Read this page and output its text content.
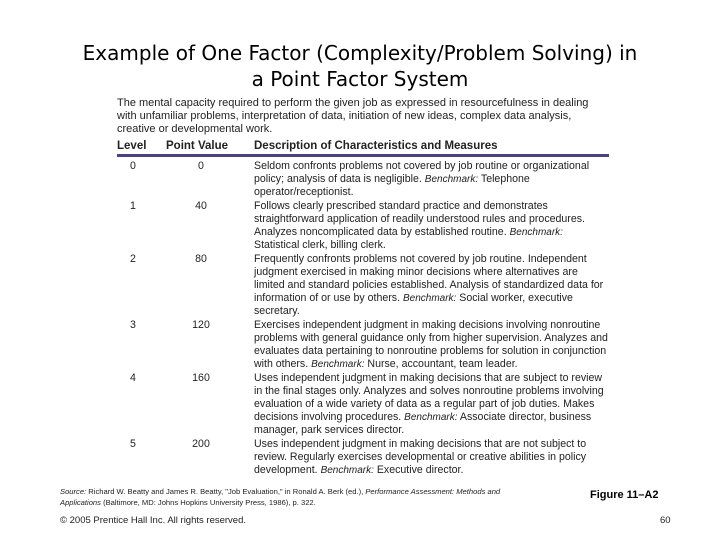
Example of One Factor (Complexity/Problem Solving) in
a Point Factor System
The mental capacity required to perform the given job as expressed in resourcefulness in dealing with unfamiliar problems, interpretation of data, initiation of new ideas, complex data analysis, creative or developmental work.
Level Point Value Description of Characteristics and Measures
0	0	Seldom confronts problems not covered by job routine or organizational policy; analysis of data is negligible. Benchmark: Telephone operator/receptionist.
1	40	Follows clearly prescribed standard practice and demonstrates straightforward application of readily understood rules and procedures. Analyzes noncomplicated data by established routine. Benchmark: Statistical clerk, billing clerk.
2	80	Frequently confronts problems not covered by job routine. Independent judgment exercised in making minor decisions where alternatives are limited and standard policies established. Analysis of standardized data for information of or use by others. Benchmark: Social worker, executive secretary.
3	120	Exercises independent judgment in making decisions involving nonroutine problems with general guidance only from higher supervision. Analyzes and evaluates data pertaining to nonroutine problems for solution in conjunction with others. Benchmark: Nurse, accountant, team leader.
4	160	Uses independent judgment in making decisions that are subject to review in the final stages only. Analyzes and solves nonroutine problems involving evaluation of a wide variety of data as a regular part of job duties. Makes decisions involving procedures. Benchmark: Associate director, business manager, park services director.
5	200	Uses independent judgment in making decisions that are not subject to review. Regularly exercises developmental or creative abilities in policy development. Benchmark: Executive director.
Source: Richard W. Beatty and James R. Beatty, "Job Evaluation," in Ronald A. Berk (ed.), Performance Assessment: Methods and Applications (Baltimore, MD: Johns Hopkins University Press, 1986), p. 322.
Figure 11–A2
© 2005 Prentice Hall Inc. All rights reserved.	60
